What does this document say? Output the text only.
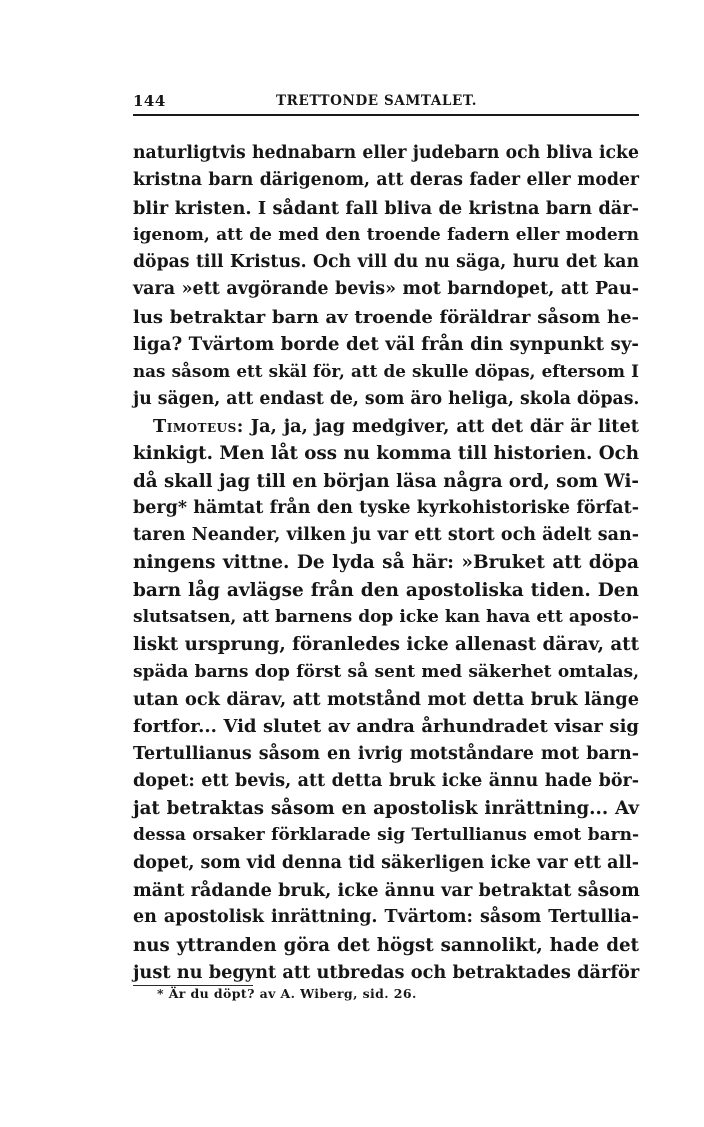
144	TRETTONDE SAMTALET.
naturligtvis hednabarn eller judebarn och bliva icke
kristna barn därigenom, att deras fader eller moder
blir kristen. I sådant fall bliva de kristna barn där-
igenom, att de med den troende fadern eller modern
döpas till Kristus. Och vill du nu säga, huru det kan
vara »ett avgörande bevis» mot barndopet, att Pau-
lus betraktar barn av troende föräldrar såsom he-
liga? Tvärtom borde det väl från din synpunkt sy-
nas såsom ett skäl för, att de skulle döpas, eftersom I
ju sägen, att endast de, som äro heliga, skola döpas.
Timoteus: Ja, ja, jag medgiver, att det där är litet
kinkigt. Men låt oss nu komma till historien. Och
då skall jag till en början läsa några ord, som Wi-
berg* hämtat från den tyske kyrkohistoriske förfat-
taren Neander, vilken ju var ett stort och ädelt san-
ningens vittne. De lyda så här: »Bruket att döpa
barn låg avlägse från den apostoliska tiden. Den
slutsatsen, att barnens dop icke kan hava ett aposto-
liskt ursprung, föranledes icke allenast därav, att
späda barns dop först så sent med säkerhet omtalas,
utan ock därav, att motstånd mot detta bruk länge
fortfor... Vid slutet av andra århundradet visar sig
Tertullianus såsom en ivrig motståndare mot barn-
dopet: ett bevis, att detta bruk icke ännu hade bör-
jat betraktas såsom en apostolisk inrättning... Av
dessa orsaker förklarade sig Tertullianus emot barn-
dopet, som vid denna tid säkerligen icke var ett all-
mänt rådande bruk, icke ännu var betraktat såsom
en apostolisk inrättning. Tvärtom: såsom Tertullia-
nus yttranden göra det högst sannolikt, hade det
just nu begynt att utbredas och betraktades därför
* Är du döpt? av A. Wiberg, sid. 26.
